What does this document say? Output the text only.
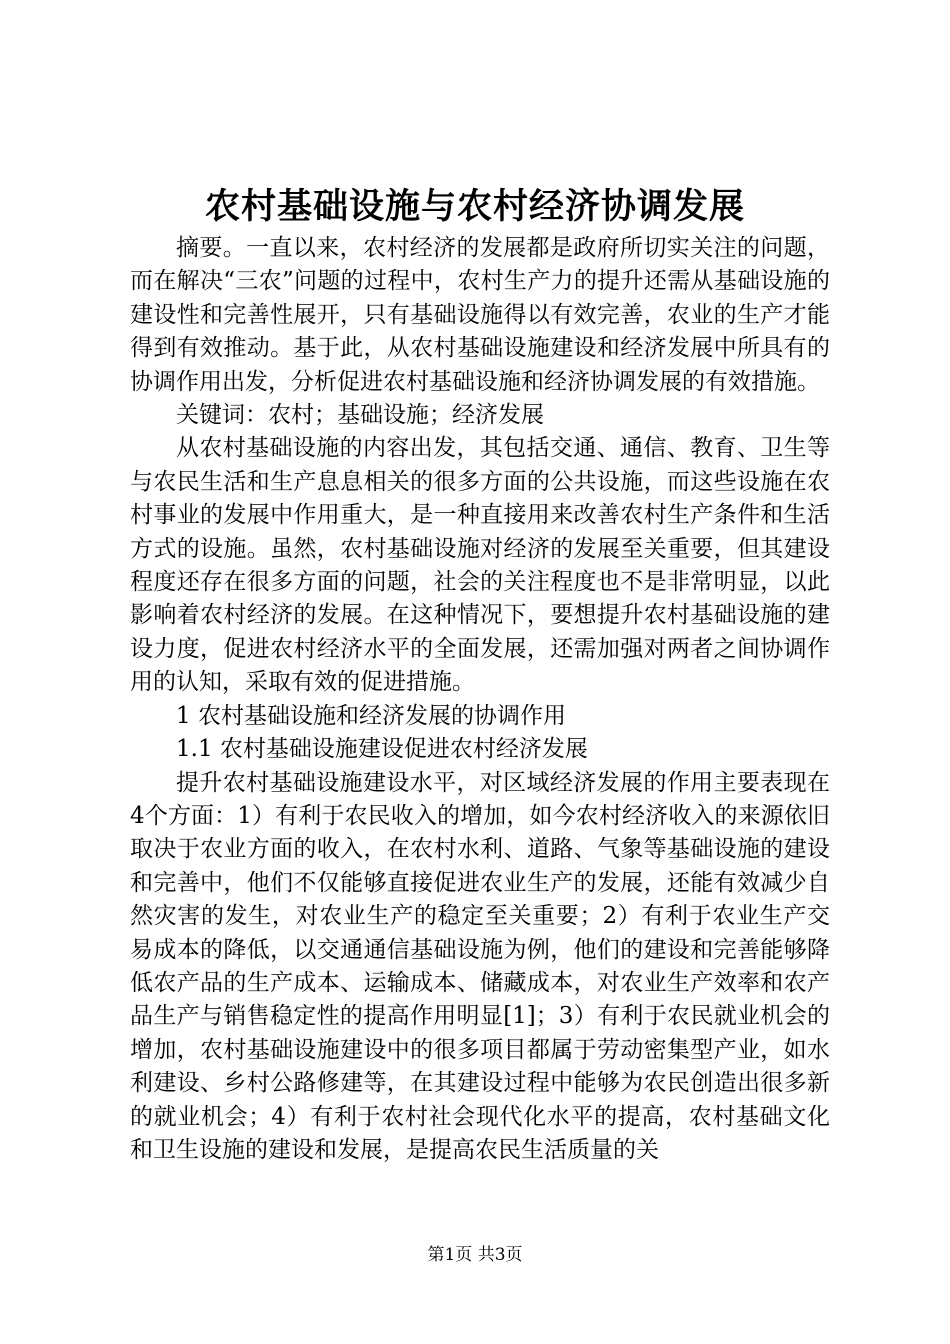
农村基础设施与农村经济协调发展

摘要。一直以来，农村经济的发展都是政府所切实关注的问题，而在解决“三农”问题的过程中，农村生产力的提升还需从基础设施的建设性和完善性展开，只有基础设施得以有效完善，农业的生产才能得到有效推动。基于此，从农村基础设施建设和经济发展中所具有的协调作用出发，分析促进农村基础设施和经济协调发展的有效措施。

关键词：农村；基础设施；经济发展

从农村基础设施的内容出发，其包括交通、通信、教育、卫生等与农民生活和生产息息相关的很多方面的公共设施，而这些设施在农村事业的发展中作用重大，是一种直接用来改善农村生产条件和生活方式的设施。虽然，农村基础设施对经济的发展至关重要，但其建设程度还存在很多方面的问题，社会的关注程度也不是非常明显，以此影响着农村经济的发展。在这种情况下，要想提升农村基础设施的建设力度，促进农村经济水平的全面发展，还需加强对两者之间协调作用的认知，采取有效的促进措施。

1 农村基础设施和经济发展的协调作用

1.1 农村基础设施建设促进农村经济发展

提升农村基础设施建设水平，对区域经济发展的作用主要表现在4个方面：1）有利于农民收入的增加，如今农村经济收入的来源依旧取决于农业方面的收入，在农村水利、道路、气象等基础设施的建设和完善中，他们不仅能够直接促进农业生产的发展，还能有效减少自然灾害的发生，对农业生产的稳定至关重要；2）有利于农业生产交易成本的降低，以交通通信基础设施为例，他们的建设和完善能够降低农产品的生产成本、运输成本、储藏成本，对农业生产效率和农产品生产与销售稳定性的提高作用明显[1]；3）有利于农民就业机会的增加，农村基础设施建设中的很多项目都属于劳动密集型产业，如水利建设、乡村公路修建等，在其建设过程中能够为农民创造出很多新的就业机会；4）有利于农村社会现代化水平的提高，农村基础文化和卫生设施的建设和发展，是提高农民生活质量的关

第1页 共3页
